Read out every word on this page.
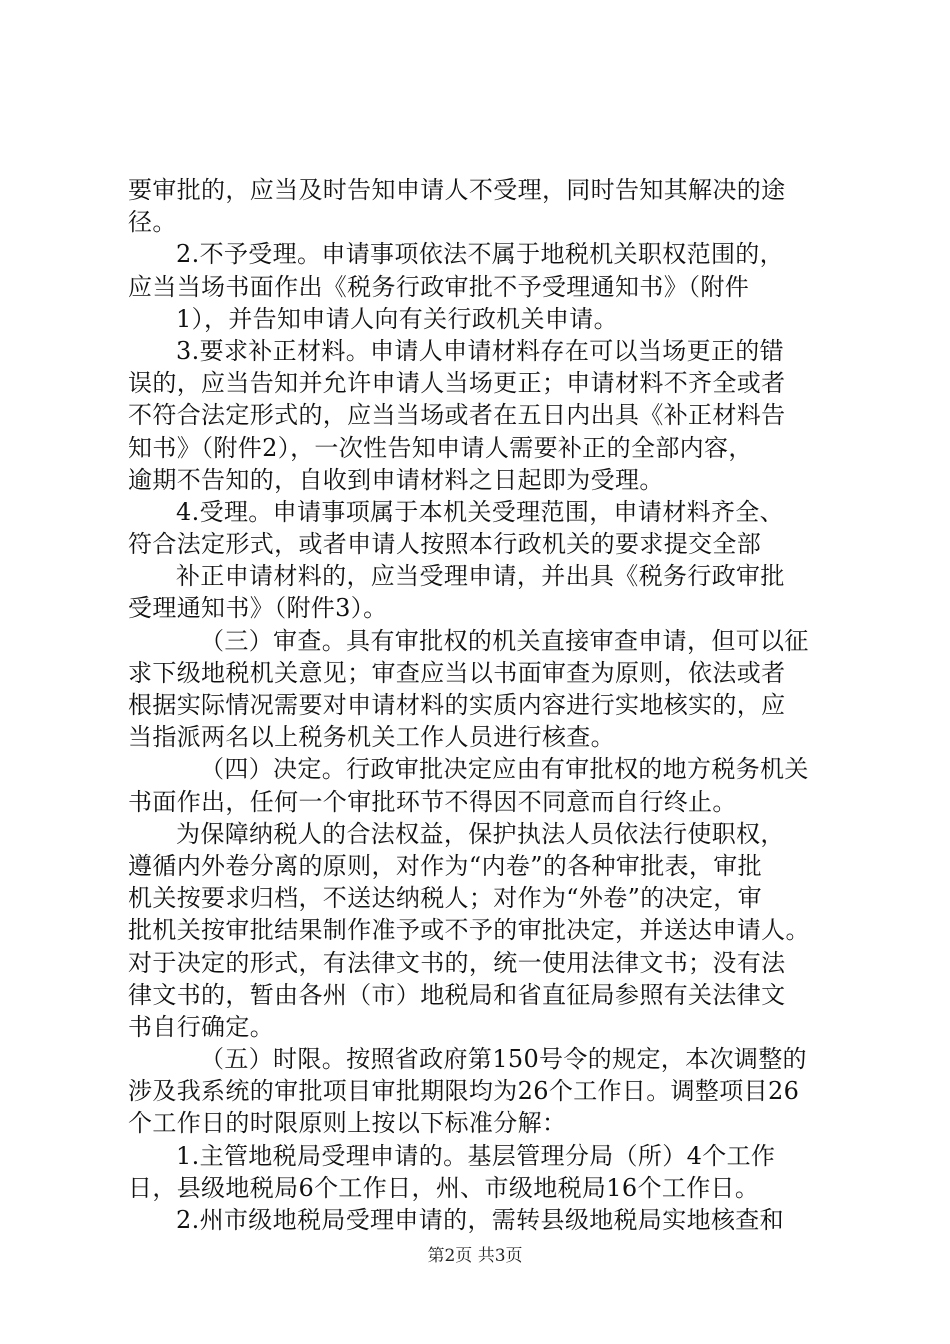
要审批的，应当及时告知申请人不受理，同时告知其解决的途
径。
2.不予受理。申请事项依法不属于地税机关职权范围的，
应当当场书面作出《税务行政审批不予受理通知书》（附件
1），并告知申请人向有关行政机关申请。
3.要求补正材料。申请人申请材料存在可以当场更正的错
误的，应当告知并允许申请人当场更正；申请材料不齐全或者
不符合法定形式的，应当当场或者在五日内出具《补正材料告
知书》（附件2），一次性告知申请人需要补正的全部内容，
逾期不告知的，自收到申请材料之日起即为受理。
4.受理。申请事项属于本机关受理范围，申请材料齐全、
符合法定形式，或者申请人按照本行政机关的要求提交全部
补正申请材料的，应当受理申请，并出具《税务行政审批
受理通知书》（附件3）。
（三）审查。具有审批权的机关直接审查申请，但可以征
求下级地税机关意见；审查应当以书面审查为原则，依法或者
根据实际情况需要对申请材料的实质内容进行实地核实的，应
当指派两名以上税务机关工作人员进行核查。
（四）决定。行政审批决定应由有审批权的地方税务机关
书面作出，任何一个审批环节不得因不同意而自行终止。
为保障纳税人的合法权益，保护执法人员依法行使职权，
遵循内外卷分离的原则，对作为“内卷”的各种审批表，审批
机关按要求归档，不送达纳税人；对作为“外卷”的决定，审
批机关按审批结果制作准予或不予的审批决定，并送达申请人。
对于决定的形式，有法律文书的，统一使用法律文书；没有法
律文书的，暂由各州（市）地税局和省直征局参照有关法律文
书自行确定。
（五）时限。按照省政府第150号令的规定，本次调整的
涉及我系统的审批项目审批期限均为26个工作日。调整项目26
个工作日的时限原则上按以下标准分解：
1.主管地税局受理申请的。基层管理分局（所）4个工作
日，县级地税局6个工作日，州、市级地税局16个工作日。
2.州市级地税局受理申请的，需转县级地税局实地核查和
第2页 共3页
